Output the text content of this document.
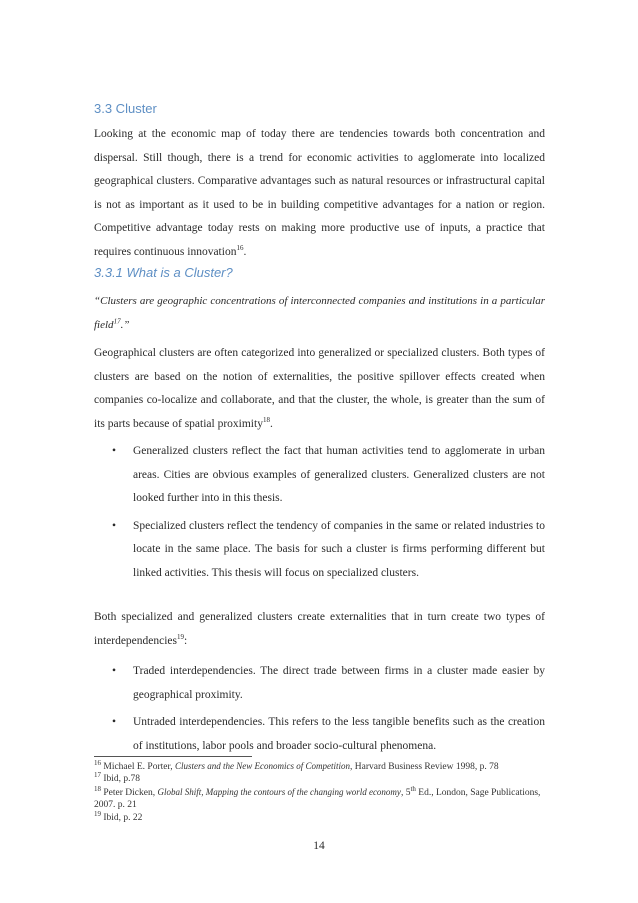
3.3 Cluster
Looking at the economic map of today there are tendencies towards both concentration and dispersal. Still though, there is a trend for economic activities to agglomerate into localized geographical clusters. Comparative advantages such as natural resources or infrastructural capital is not as important as it used to be in building competitive advantages for a nation or region. Competitive advantage today rests on making more productive use of inputs, a practice that requires continuous innovation$^{16}$.
3.3.1 What is a Cluster?
“Clusters are geographic concentrations of interconnected companies and institutions in a particular field$^{17}$.”
Geographical clusters are often categorized into generalized or specialized clusters. Both types of clusters are based on the notion of externalities, the positive spillover effects created when companies co-localize and collaborate, and that the cluster, the whole, is greater than the sum of its parts because of spatial proximity$^{18}$.
• Generalized clusters reflect the fact that human activities tend to agglomerate in urban areas. Cities are obvious examples of generalized clusters. Generalized clusters are not looked further into in this thesis.
• Specialized clusters reflect the tendency of companies in the same or related industries to locate in the same place. The basis for such a cluster is firms performing different but linked activities. This thesis will focus on specialized clusters.
Both specialized and generalized clusters create externalities that in turn create two types of interdependencies$^{19}$:
• Traded interdependencies. The direct trade between firms in a cluster made easier by geographical proximity.
• Untraded interdependencies. This refers to the less tangible benefits such as the creation of institutions, labor pools and broader socio-cultural phenomena.
$^{16}$ Michael E. Porter, Clusters and the New Economics of Competition, Harvard Business Review 1998, p. 78
$^{17}$ Ibid, p.78
$^{18}$ Peter Dicken, Global Shift, Mapping the contours of the changing world economy, 5th Ed., London, Sage Publications, 2007. p. 21
$^{19}$ Ibid, p. 22
14
